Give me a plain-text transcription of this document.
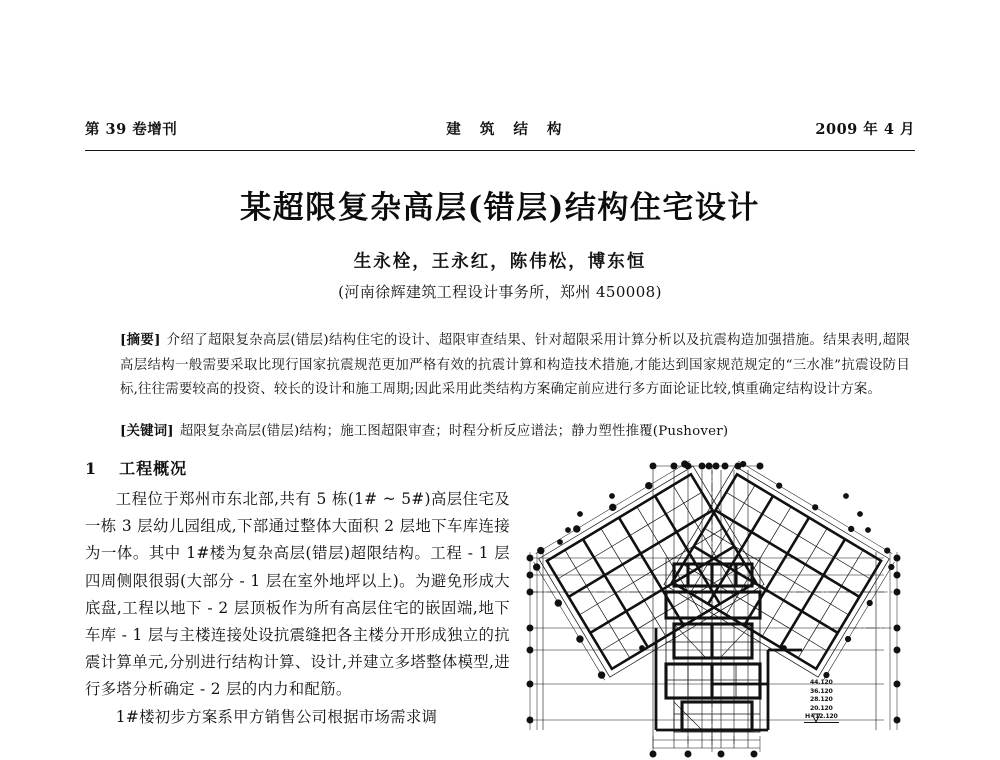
第 39 卷增刊	建 筑 结 构	2009 年 4 月
某超限复杂高层(错层)结构住宅设计
生永栓，王永红，陈伟松，博东恒
(河南徐辉建筑工程设计事务所，郑州 450008)
[摘要] 介绍了超限复杂高层(错层)结构住宅的设计、超限审查结果、针对超限采用计算分析以及抗震构造加强措施。结果表明,超限高层结构一般需要采取比现行国家抗震规范更加严格有效的抗震计算和构造技术措施,才能达到国家规范规定的“三水准”抗震设防目标,往往需要较高的投资、较长的设计和施工周期;因此采用此类结构方案确定前应进行多方面论证比较,慎重确定结构设计方案。
[关键词] 超限复杂高层(错层)结构；施工图超限审查；时程分析反应谱法；静力塑性推覆(Pushover)
1 工程概况

工程位于郑州市东北部,共有 5 栋(1# ~ 5#)高层住宅及一栋 3 层幼儿园组成,下部通过整体大面积 2 层地下车库连接为一体。其中 1#楼为复杂高层(错层)超限结构。工程 - 1 层四周侧限很弱(大部分 - 1 层在室外地坪以上)。为避免形成大底盘,工程以地下 - 2 层顶板作为所有高层住宅的嵌固端,地下车库 - 1 层与主楼连接处设抗震缝把各主楼分开形成独立的抗震计算单元,分别进行结构计算、设计,并建立多塔整体模型,进行多塔分析确定 - 2 层的内力和配筋。

1#楼初步方案系甲方销售公司根据市场需求调

44.120
36.120
28.120
20.120
H=12.120
